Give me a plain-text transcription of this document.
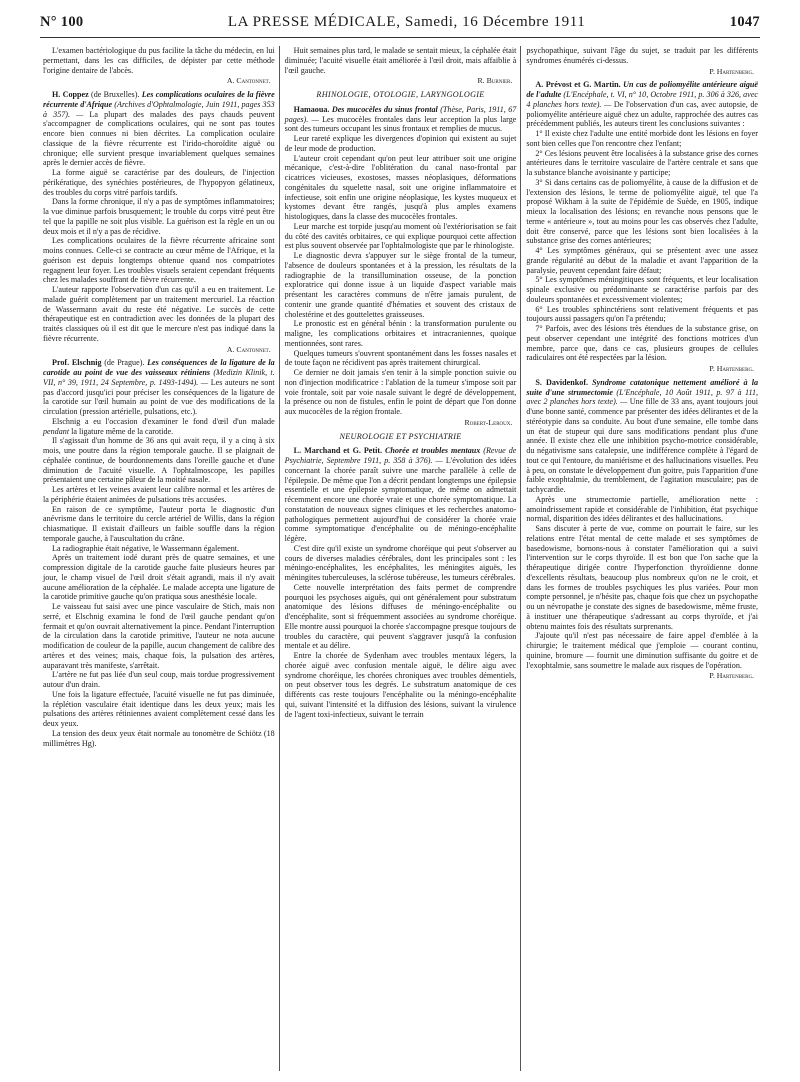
N° 100	LA PRESSE MÉDICALE, Samedi, 16 Décembre 1911	1047

L'examen bactériologique du pus facilite la tâche du médecin, en lui permettant, dans les cas difficiles, de dépister par cette méthode l'origine dentaire de l'abcès.

A. Cantonnet.

H. Coppez (de Bruxelles). Les complications oculaires de la fièvre récurrente d'Afrique (Archives d'Ophtalmologie, Juin 1911, pages 353 à 357). — La plupart des malades des pays chauds peuvent s'accompagner de complications oculaires, qui ne sont pas toutes encore bien connues ni bien décrites. La complication oculaire classique de la fièvre récurrente est l'irido-choroïdite aiguë ou chronique; elle survient presque invariablement quelques semaines après le dernier accès de fièvre.

La forme aiguë se caractérise par des douleurs, de l'injection périkératique, des synéchies postérieures, de l'hypopyon gélatineux, des troubles du corps vitré parfois tardifs.

Dans la forme chronique, il n'y a pas de symptômes inflammatoires; la vue diminue parfois brusquement; le trouble du corps vitré peut être tel que la papille ne soit plus visible. La guérison est la règle en un ou deux mois et il n'y a pas de récidive.

Les complications oculaires de la fièvre récurrente africaine sont moins connues. Celle-ci se contracte au cœur même de l'Afrique, et la guérison est depuis longtemps obtenue quand nos compatriotes regagnent leur foyer. Les troubles visuels seraient cependant fréquents chez les malades souffrant de fièvre récurrente.

L'auteur rapporte l'observation d'un cas qu'il a eu en traitement. Le malade guérit complètement par un traitement mercuriel. La réaction de Wassermann avait du reste été négative. Le succès de cette thérapeutique est en contradiction avec les données de la plupart des traités classiques où il est dit que le mercure n'est pas indiqué dans la fièvre récurrente.

A. Cantonnet.

Prof. Elschnig (de Prague). Les conséquences de la ligature de la carotide au point de vue des vaisseaux rétiniens (Medizin Klinik, t. VII, n° 39, 1911, 24 Septembre, p. 1493-1494). — Les auteurs ne sont pas d'accord jusqu'ici pour préciser les conséquences de la ligature de la carotide sur l'œil humain au point de vue des modifications de la circulation (pression artérielle, pulsations, etc.).

Elschnig a eu l'occasion d'examiner le fond d'œil d'un malade pendant la ligature même de la carotide.

Il s'agissait d'un homme de 36 ans qui avait reçu, il y a cinq à six mois, une poutre dans la région temporale gauche. Il se plaignait de céphalée continue, de bourdonnements dans l'oreille gauche et d'une diminution de l'acuité visuelle. A l'ophtalmoscope, les papilles présentaient une certaine pâleur de la moitié nasale.

Les artères et les veines avaient leur calibre normal et les artères de la périphérie étaient animées de pulsations très accusées.

En raison de ce symptôme, l'auteur porta le diagnostic d'un anévrisme dans le territoire du cercle artériel de Willis, dans la région chiasmatique. Il existait d'ailleurs un faible souffle dans la région temporale gauche, à l'auscultation du crâne.

La radiographie était négative, le Wassermann également.

Après un traitement iodé durant près de quatre semaines, et une compression digitale de la carotide gauche faite plusieurs heures par jour, le champ visuel de l'œil droit s'était agrandi, mais il n'y avait aucune amélioration de la céphalée. Le malade accepta une ligature de la carotide primitive gauche qu'on pratiqua sous anesthésie locale.

Le vaisseau fut saisi avec une pince vasculaire de Stich, mais non serré, et Elschnig examina le fond de l'œil gauche pendant qu'on fermait et qu'on ouvrait alternativement la pince. Pendant l'interruption de la circulation dans la carotide primitive, l'auteur ne nota aucune modification de couleur de la papille, aucun changement de calibre des artères et des veines; mais, chaque fois, la pulsation des artères, auparavant très manifeste, s'arrêtait.

L'artère ne fut pas liée d'un seul coup, mais tordue progressivement autour d'un drain.

Une fois la ligature effectuée, l'acuité visuelle ne fut pas diminuée, la réplétion vasculaire était identique dans les deux yeux; mais les pulsations des artères rétiniennes avaient complètement cessé dans les deux yeux.

La tension des deux yeux était normale au tonomètre de Schiötz (18 millimètres Hg).

Huit semaines plus tard, le malade se sentait mieux, la céphalée était diminuée; l'acuité visuelle était améliorée à l'œil droit, mais affaiblie à l'œil gauche.

R. Burnier.
RHINOLOGIE, OTOLOGIE, LARYNGOLOGIE

Hamaoua. Des mucocèles du sinus frontal (Thèse, Paris, 1911, 67 pages). — Les mucocèles frontales dans leur acception la plus large sont des tumeurs occupant les sinus frontaux et remplies de mucus.

Leur rareté explique les divergences d'opinion qui existent au sujet de leur mode de production.

L'auteur croit cependant qu'on peut leur attribuer soit une origine mécanique, c'est-à-dire l'oblitération du canal naso-frontal par cicatrices vicieuses, exostoses, masses néoplasiques, déformations congénitales du squelette nasal, soit une origine inflammatoire et infectieuse, soit enfin une origine néoplasique, les kystes muqueux et kystomes devant être rangés, jusqu'à plus amples examens histologiques, dans la classe des mucocèles frontales.

Leur marche est torpide jusqu'au moment où l'extériorisation se fait du côté des cavités orbitaires, ce qui explique pourquoi cette affection est plus souvent observée par l'ophtalmologiste que par le rhinologiste.

Le diagnostic devra s'appuyer sur le siège frontal de la tumeur, l'absence de douleurs spontanées et à la pression, les résultats de la radiographie de la transillumination osseuse, de la ponction exploratrice qui donne issue à un liquide d'aspect variable mais présentant les caractères communs de n'être jamais purulent, de contenir une grande quantité d'hématies et souvent des cristaux de cholestérine et des gouttelettes graisseuses.

Le pronostic est en général bénin : la transformation purulente ou maligne, les complications orbitaires et intracraniennes, quoique mentionnées, sont rares.

Quelques tumeurs s'ouvrent spontanément dans les fosses nasales et de toute façon ne récidivent pas après traitement chirurgical.

Ce dernier ne doit jamais s'en tenir à la simple ponction suivie ou non d'injection modificatrice : l'ablation de la tumeur s'impose soit par voie frontale, soit par voie nasale suivant le degré de développement, la présence ou non de fistules, enfin le point de départ que l'on donne aux mucocèles de la région frontale.

Robert-Leroux.
NEUROLOGIE ET PSYCHIATRIE

L. Marchand et G. Petit. Chorée et troubles mentaux (Revue de Psychiatrie, Septembre 1911, p. 358 à 376). — L'évolution des idées concernant la chorée paraît suivre une marche parallèle à celle de l'épilepsie. De même que l'on a décrit pendant longtemps une épilepsie essentielle et une épilepsie symptomatique, de même on admettait récemment encore une chorée vraie et une chorée symptomatique. La constatation de nouveaux signes cliniques et les recherches anatomo-pathologiques permettent aujourd'hui de considérer la chorée vraie comme symptomatique d'encéphalite ou de méningo-encéphalite légère.

C'est dire qu'il existe un syndrome choréique qui peut s'observer au cours de diverses maladies cérébrales, dont les principales sont : les méningo-encéphalites, les encéphalites, les méningites aiguës, les méningites tuberculeuses, la sclérose tubéreuse, les tumeurs cérébrales.

Cette nouvelle interprétation des faits permet de comprendre pourquoi les psychoses aiguës, qui ont généralement pour substratum anatomique des lésions diffuses de méningo-encéphalite ou d'encéphalite, sont si fréquemment associées au syndrome choréique. Elle montre aussi pourquoi la chorée s'accompagne presque toujours de troubles du caractère, qui peuvent s'aggraver jusqu'à la confusion mentale et au délire.

Entre la chorée de Sydenham avec troubles mentaux légers, la chorée aiguë avec confusion mentale aiguë, le délire aigu avec syndrome choréique, les chorées chroniques avec troubles démentiels, on peut observer tous les degrés. Le substratum anatomique de ces différents cas reste toujours l'encéphalite ou la méningo-encéphalite qui, suivant l'intensité et la diffusion des lésions, suivant la virulence de l'agent toxi-infectieux, suivant le terrain

psychopathique, suivant l'âge du sujet, se traduit par les différents syndromes énumérés ci-dessus.

P. Hartenberg.

A. Prévost et G. Martin. Un cas de poliomyélite antérieure aiguë de l'adulte (L'Encéphale, t. VI, n° 10, Octobre 1911, p. 306 à 326, avec 4 planches hors texte). — De l'observation d'un cas, avec autopsie, de poliomyélite antérieure aiguë chez un adulte, rapprochée des autres cas précédemment publiés, les auteurs tirent les conclusions suivantes :

1° Il existe chez l'adulte une entité morbide dont les lésions en foyer sont bien celles que l'on rencontre chez l'enfant;

2° Ces lésions peuvent être localisées à la substance grise des cornes antérieures dans le territoire vasculaire de l'artère centrale et sans que la substance blanche avoisinante y participe;

3° Si dans certains cas de poliomyélite, à cause de la diffusion et de l'extension des lésions, le terme de poliomyélite aiguë, tel que l'a proposé Wikham à la suite de l'épidémie de Suède, en 1905, indique mieux la localisation des lésions; en revanche nous pensons que le terme « antérieure », tout au moins pour les cas observés chez l'adulte, doit être conservé, parce que les lésions sont bien localisées à la substance grise des cornes antérieures;

4° Les symptômes généraux, qui se présentent avec une assez grande régularité au début de la maladie et avant l'apparition de la paralysie, peuvent cependant faire défaut;

5° Les symptômes méningitiques sont fréquents, et leur localisation spinale exclusive ou prédominante se caractérise parfois par des douleurs spontanées et excessivement violentes;

6° Les troubles sphinctériens sont relativement fréquents et pas toujours aussi passagers qu'on l'a prétendu;

7° Parfois, avec des lésions très étendues de la substance grise, on peut observer cependant une intégrité des fonctions motrices d'un membre, parce que, dans ce cas, plusieurs groupes de cellules radiculaires ont été respectées par la lésion.

P. Hartenberg.

S. Davidenkof. Syndrome catatonique nettement amélioré à la suite d'une strumectomie (L'Encéphale, 10 Août 1911, p. 97 à 111, avec 2 planches hors texte). — Une fille de 33 ans, ayant toujours joui d'une bonne santé, commence par présenter des idées délirantes et de la stéréotypie dans sa conduite. Au bout d'une semaine, elle tombe dans un état de stupeur qui dure sans modifications pendant plus d'une année. Il existe chez elle une inhibition psycho-motrice considérable, du négativisme sans catalepsie, une indifférence complète à l'égard de tout ce qui l'entoure, du maniérisme et des hallucinations visuelles. Peu à peu, on constate le développement d'un goitre, puis l'apparition d'une faible exophtalmie, du tremblement, de l'agitation musculaire; pas de tachycardie.

Après une strumectomie partielle, amélioration nette : amoindrissement rapide et considérable de l'inhibition, état psychique normal, disparition des idées délirantes et des hallucinations.

Sans discuter à perte de vue, comme on pourrait le faire, sur les relations entre l'état mental de cette malade et ses symptômes de basedowisme, bornons-nous à constater l'amélioration qui a suivi l'intervention sur le corps thyroïde. Il est bon que l'on sache que la thérapeutique dirigée contre l'hyperfonction thyroïdienne donne d'excellents résultats, beaucoup plus nombreux qu'on ne le croit, et dans les formes de troubles psychiques les plus variées. Pour mon compte personnel, je n'hésite pas, chaque fois que chez un psychopathe ou un névropathe je constate des signes de basedowisme, même fruste, à instituer une thérapeutique s'adressant au corps thyroïde, et j'ai obtenu maintes fois des résultats surprenants.

J'ajoute qu'il n'est pas nécessaire de faire appel d'emblée à la chirurgie; le traitement médical que j'emploie — courant continu, quinine, bromure — fournit une diminution suffisante du goitre et de l'exophtalmie, sans soumettre le malade aux risques de l'opération.

P. Hartenberg.
